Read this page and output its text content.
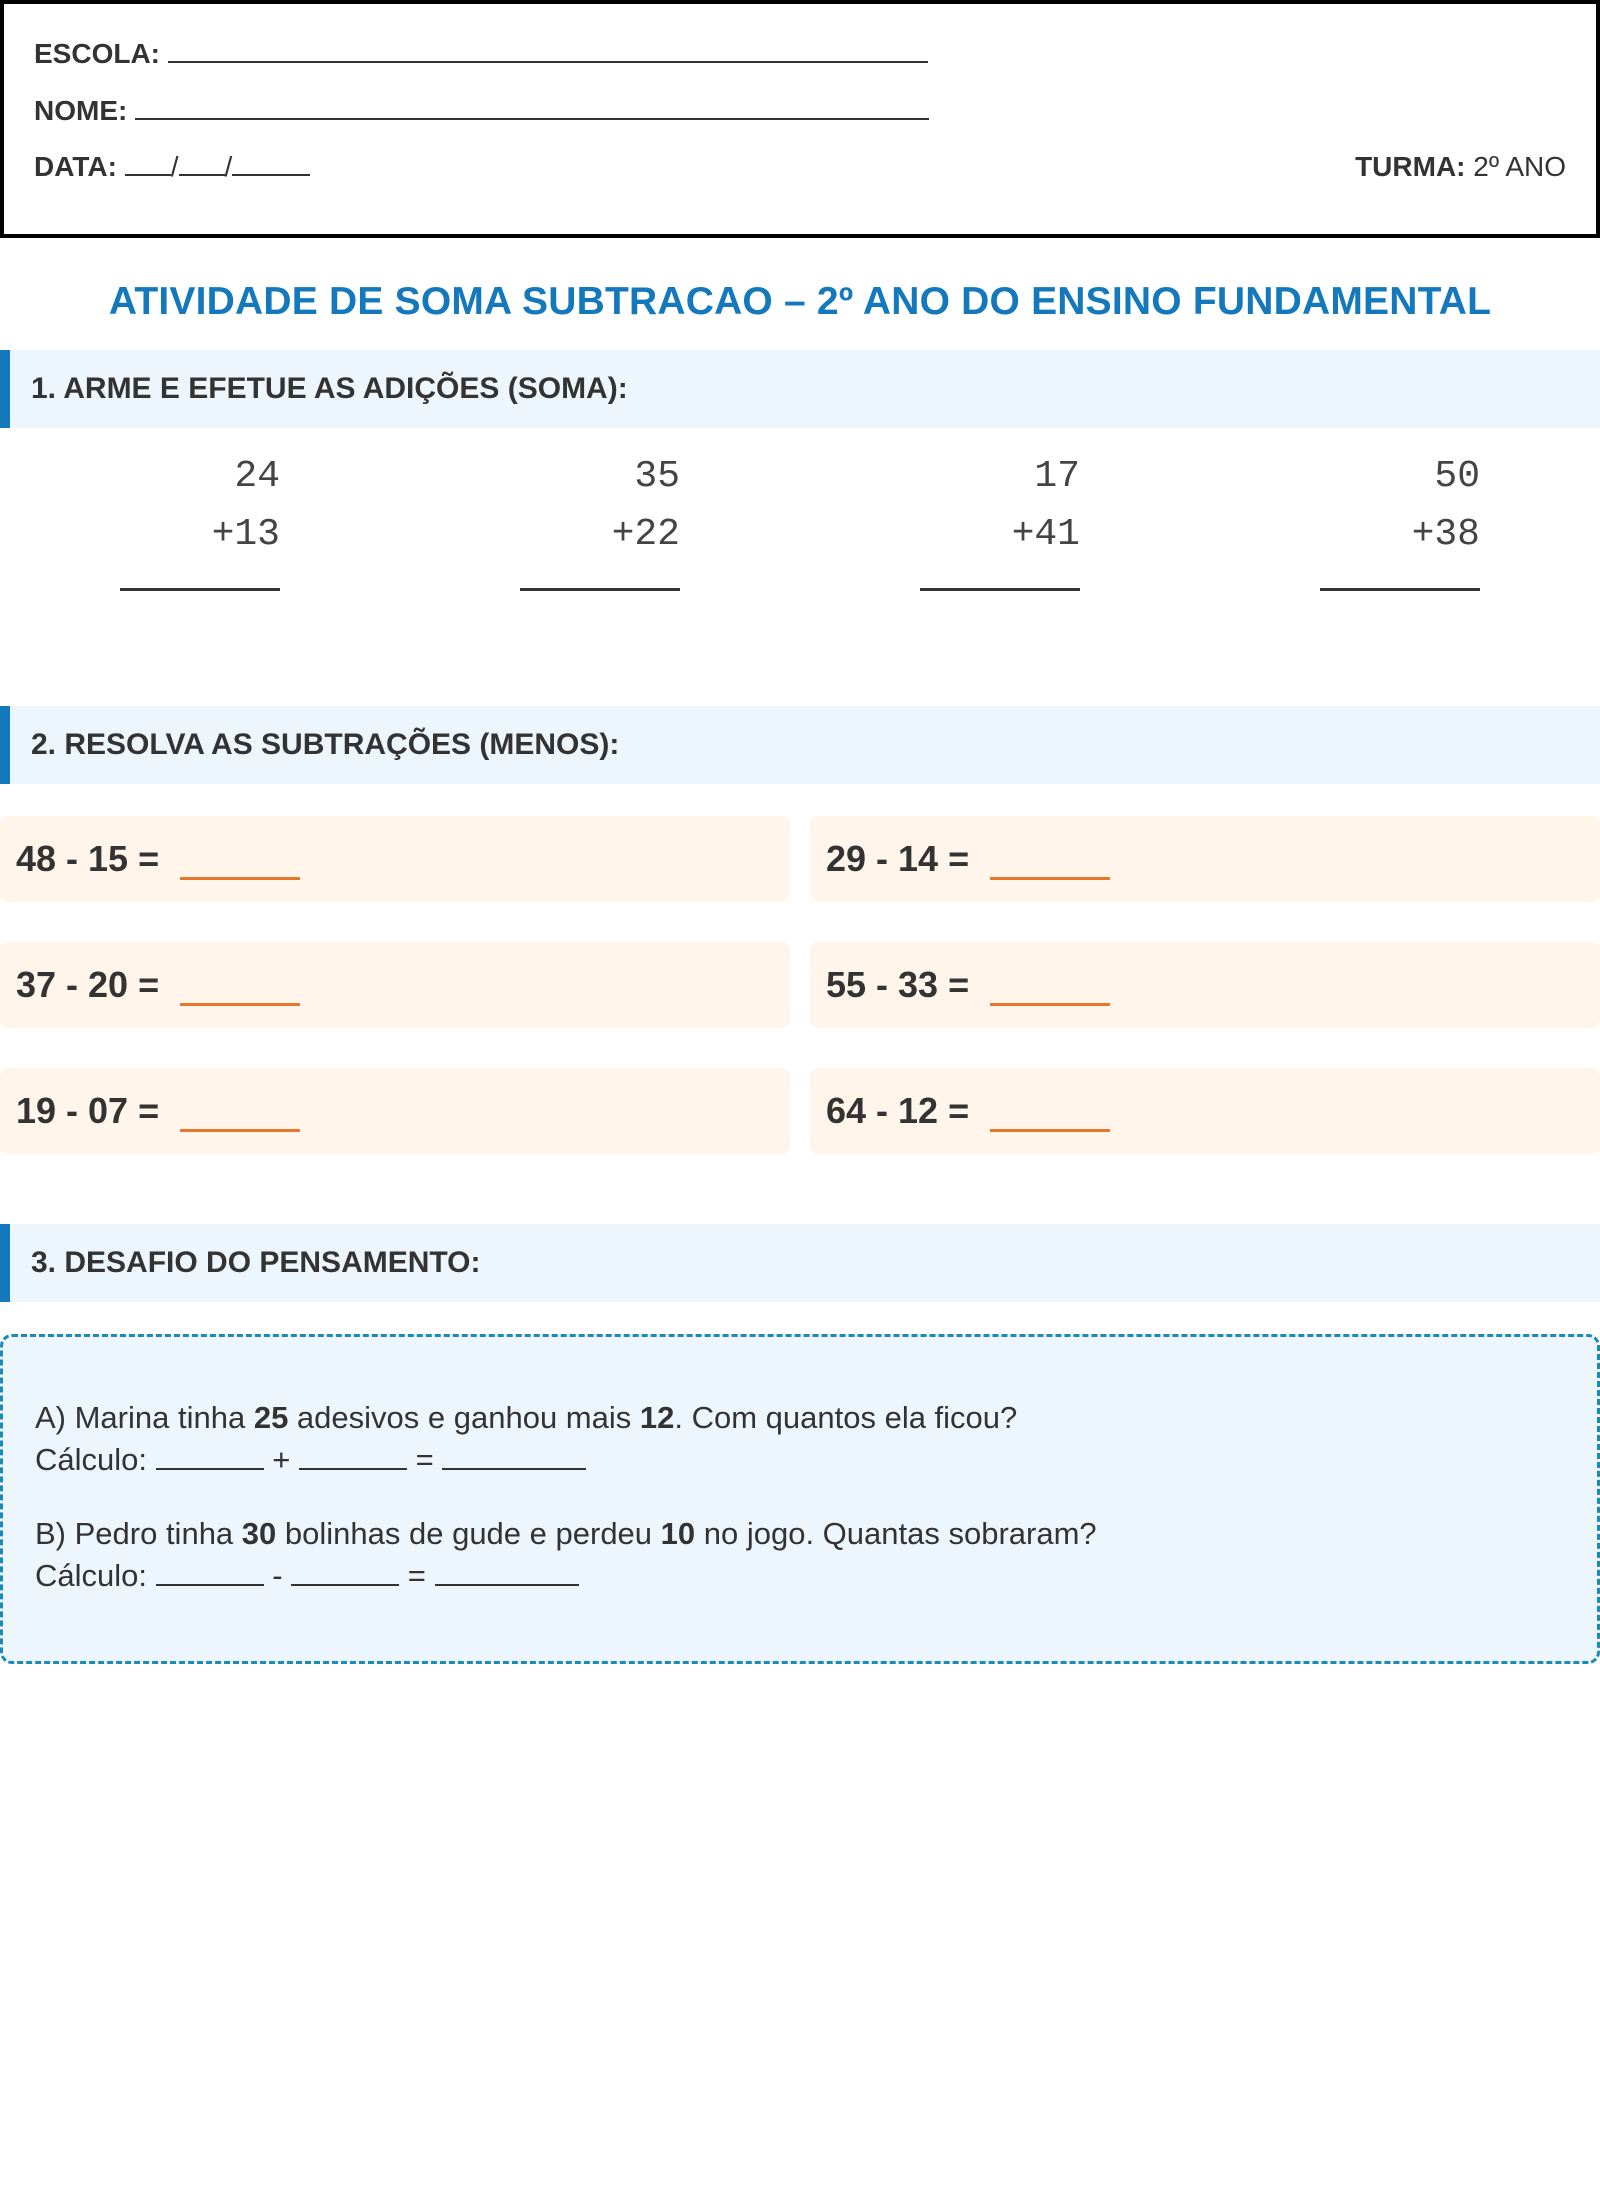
ESCOLA:
NOME:
DATA: / /	TURMA: 2º ANO
ATIVIDADE DE SOMA SUBTRACAO – 2º ANO DO ENSINO FUNDAMENTAL
1. ARME E EFETUE AS ADIÇÕES (SOMA):
24
+13
35
+22
17
+41
50
+38
2. RESOLVA AS SUBTRAÇÕES (MENOS):
48 - 15 =	29 - 14 =
37 - 20 =	55 - 33 =
19 - 07 =	64 - 12 =
3. DESAFIO DO PENSAMENTO:
A) Marina tinha 25 adesivos e ganhou mais 12. Com quantos ela ficou?
Cálculo:	+	=
B) Pedro tinha 30 bolinhas de gude e perdeu 10 no jogo. Quantas sobraram?
Cálculo:	-	=
